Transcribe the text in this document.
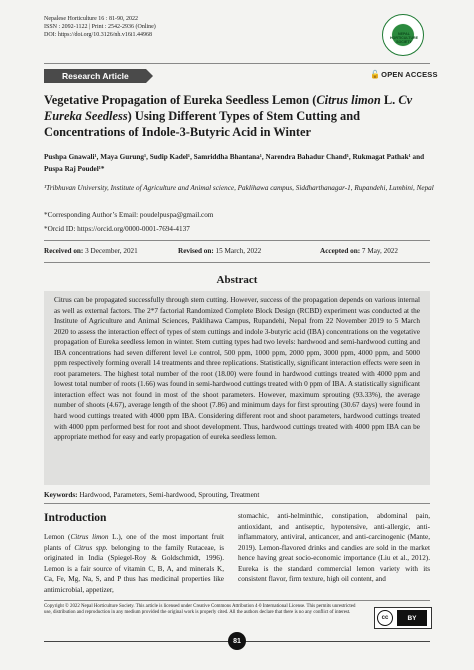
Nepalese Horticulture 16 : 81-90, 2022
ISSN : 2092-1122 | Print : 2542-2936 (Online)
DOI: https://doi.org/10.3126/nh.v16i1.44968	NEPAL HORTICULTURE SOCIETY
Research Article	🔓 OPEN ACCESS
Vegetative Propagation of Eureka Seedless Lemon (Citrus limon L. Cv Eureka Seedless) Using Different Types of Stem Cutting and Concentrations of Indole-3-Butyric Acid in Winter
Pushpa Gnawali¹, Maya Gurung¹, Sudip Kadel¹, Samriddha Bhantana¹, Narendra Bahadur Chand¹, Rukmagat Pathak¹ and Puspa Raj Poudel¹*
¹Tribhuvan University, Institute of Agriculture and Animal science, Paklihawa campus, Siddharthanagar-1, Rupandehi, Lumbini, Nepal
*Corresponding Author’s Email: poudelpuspa@gmail.com
*Orcid ID: https://orcid.org/0000-0001-7694-4137
Received on: 3 December, 2021	Revised on: 15 March, 2022	Accepted on: 7 May, 2022
Abstract
Citrus can be propagated successfully through stem cutting. However, success of the propagation depends on various internal as well as external factors. The 2*7 factorial Randomized Complete Block Design (RCBD) experiment was conducted at the Institute of Agriculture and Animal Sciences, Paklihawa Campus, Rupandehi, Nepal from 22 November 2019 to 5 March 2020 to assess the interaction effect of types of stem cuttings and indole 3-butyric acid (IBA) concentrations on the vegetative propagation of Eureka seedless lemon in winter. Stem cutting types had two levels: hardwood and semi-hardwood cutting and IBA concentrations had seven different level i.e control, 500 ppm, 1000 ppm, 2000 ppm, 3000 ppm, 4000 ppm, and 5000 ppm respectively forming overall 14 treatments and three replications. Statistically, significant interaction effects were seen in root parameters. The highest total number of the root (18.00) were found in hardwood cuttings treated with 4000 ppm and lowest total number of roots (1.66) was found in semi-hardwood cuttings treated with 0 ppm of IBA. A statistically significant interaction effect was not found in most of the shoot parameters. However, maximum sprouting (93.33%), the average number of shoots (4.67), average length of the shoot (7.86) and minimum days for first sprouting (30.67 days) were found in hard wood cuttings treated with 4000 ppm IBA. Considering different root and shoot parameters, hardwood cuttings treated with 4000 ppm performed best for root and shoot development. Thus, hardwood cuttings treated with 4000 ppm IBA can be appropriate method for easy and early propagation of eureka seedless lemon.
Keywords: Hardwood, Parameters, Semi-hardwood, Sprouting, Treatment
Introduction
Lemon (Citrus limon L.), one of the most important fruit plants of Citrus spp. belonging to the family Rutaceae, is originated in India (Spiegel-Roy & Goldschmidt, 1996). Lemon is a fair source of vitamin C, B, A, and minerals K, Ca, Fe, Mg, Na, S, and P thus has medicinal properties like antimicrobial, appetizer,
stomachic, anti-helminthic, constipation, abdominal pain, antioxidant, and antiseptic, hypotensive, anti-allergic, anti-inflammatory, antiviral, anticancer, and anti-carcinogenic (Mante, 2019). Lemon-flavored drinks and candies are sold in the market hence having great socio-economic importance (Liu et al., 2012). Eureka is the standard commercial lemon variety with its consistent flavor, firm texture, high oil content, and
Copyright © 2022 Nepal Horticulture Society. This article is licensed under Creative Commons Attribution 4·0 International License. This permits unrestricted use, distribution and reproduction in any medium provided the original work is properly cited. All the authors declare that there is no any conflict of interest.
cc	BY
81
